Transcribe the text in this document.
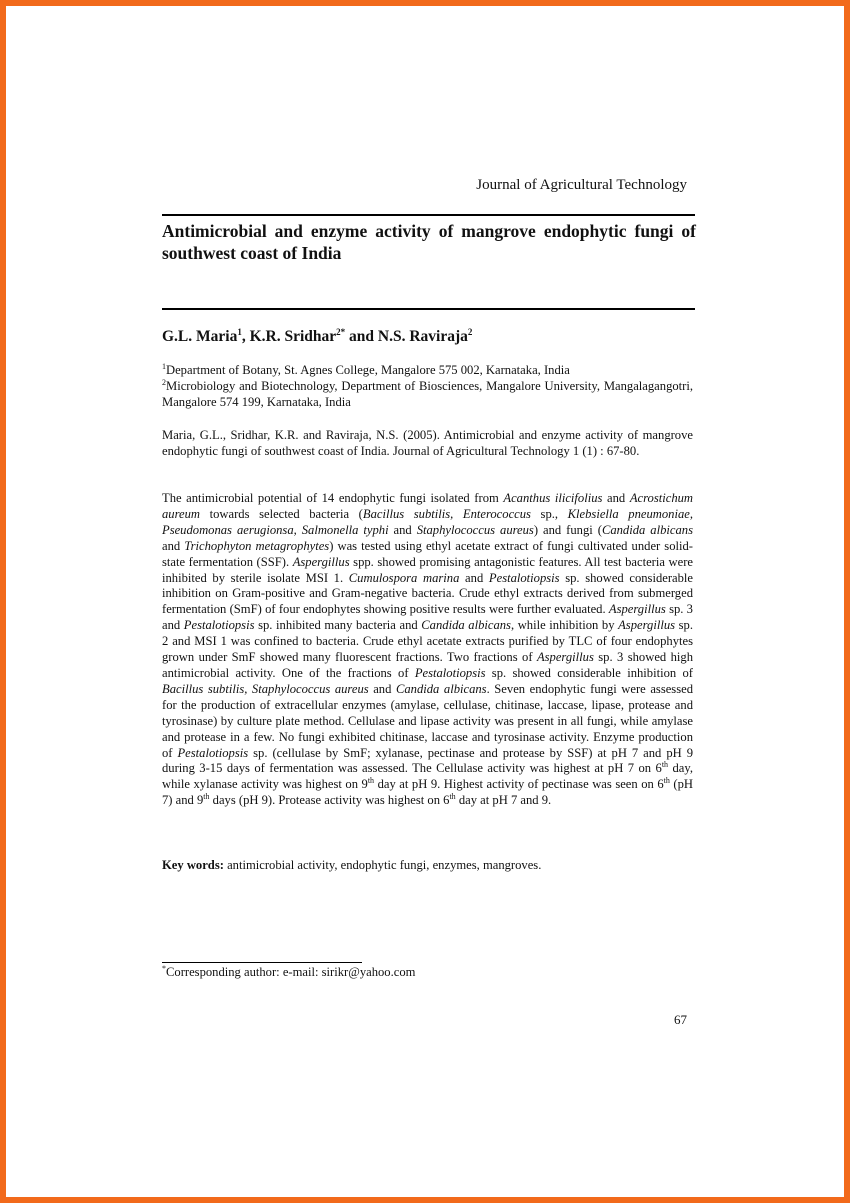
Journal of Agricultural Technology
Antimicrobial and enzyme activity of mangrove endophytic fungi of southwest coast of India
G.L. Maria$^1$, K.R. Sridhar$^{2*}$ and N.S. Raviraja$^2$
$^1$Department of Botany, St. Agnes College, Mangalore 575 002, Karnataka, India
$^2$Microbiology and Biotechnology, Department of Biosciences, Mangalore University, Mangalagangotri, Mangalore 574 199, Karnataka, India
Maria, G.L., Sridhar, K.R. and Raviraja, N.S. (2005). Antimicrobial and enzyme activity of mangrove endophytic fungi of southwest coast of India. Journal of Agricultural Technology 1 (1) : 67-80.
The antimicrobial potential of 14 endophytic fungi isolated from Acanthus ilicifolius and Acrostichum aureum towards selected bacteria (Bacillus subtilis, Enterococcus sp., Klebsiella pneumoniae, Pseudomonas aerugionsa, Salmonella typhi and Staphylococcus aureus) and fungi (Candida albicans and Trichophyton metagrophytes) was tested using ethyl acetate extract of fungi cultivated under solid-state fermentation (SSF). Aspergillus spp. showed promising antagonistic features. All test bacteria were inhibited by sterile isolate MSI 1. Cumulospora marina and Pestalotiopsis sp. showed considerable inhibition on Gram-positive and Gram-negative bacteria. Crude ethyl extracts derived from submerged fermentation (SmF) of four endophytes showing positive results were further evaluated. Aspergillus sp. 3 and Pestalotiopsis sp. inhibited many bacteria and Candida albicans, while inhibition by Aspergillus sp. 2 and MSI 1 was confined to bacteria. Crude ethyl acetate extracts purified by TLC of four endophytes grown under SmF showed many fluorescent fractions. Two fractions of Aspergillus sp. 3 showed high antimicrobial activity. One of the fractions of Pestalotiopsis sp. showed considerable inhibition of Bacillus subtilis, Staphylococcus aureus and Candida albicans. Seven endophytic fungi were assessed for the production of extracellular enzymes (amylase, cellulase, chitinase, laccase, lipase, protease and tyrosinase) by culture plate method. Cellulase and lipase activity was present in all fungi, while amylase and protease in a few. No fungi exhibited chitinase, laccase and tyrosinase activity. Enzyme production of Pestalotiopsis sp. (cellulase by SmF; xylanase, pectinase and protease by SSF) at pH 7 and pH 9 during 3-15 days of fermentation was assessed. The Cellulase activity was highest at pH 7 on 6th day, while xylanase activity was highest on 9th day at pH 9. Highest activity of pectinase was seen on 6th (pH 7) and 9th days (pH 9). Protease activity was highest on 6th day at pH 7 and 9.
Key words: antimicrobial activity, endophytic fungi, enzymes, mangroves.
*Corresponding author: e-mail: sirikr@yahoo.com
67
